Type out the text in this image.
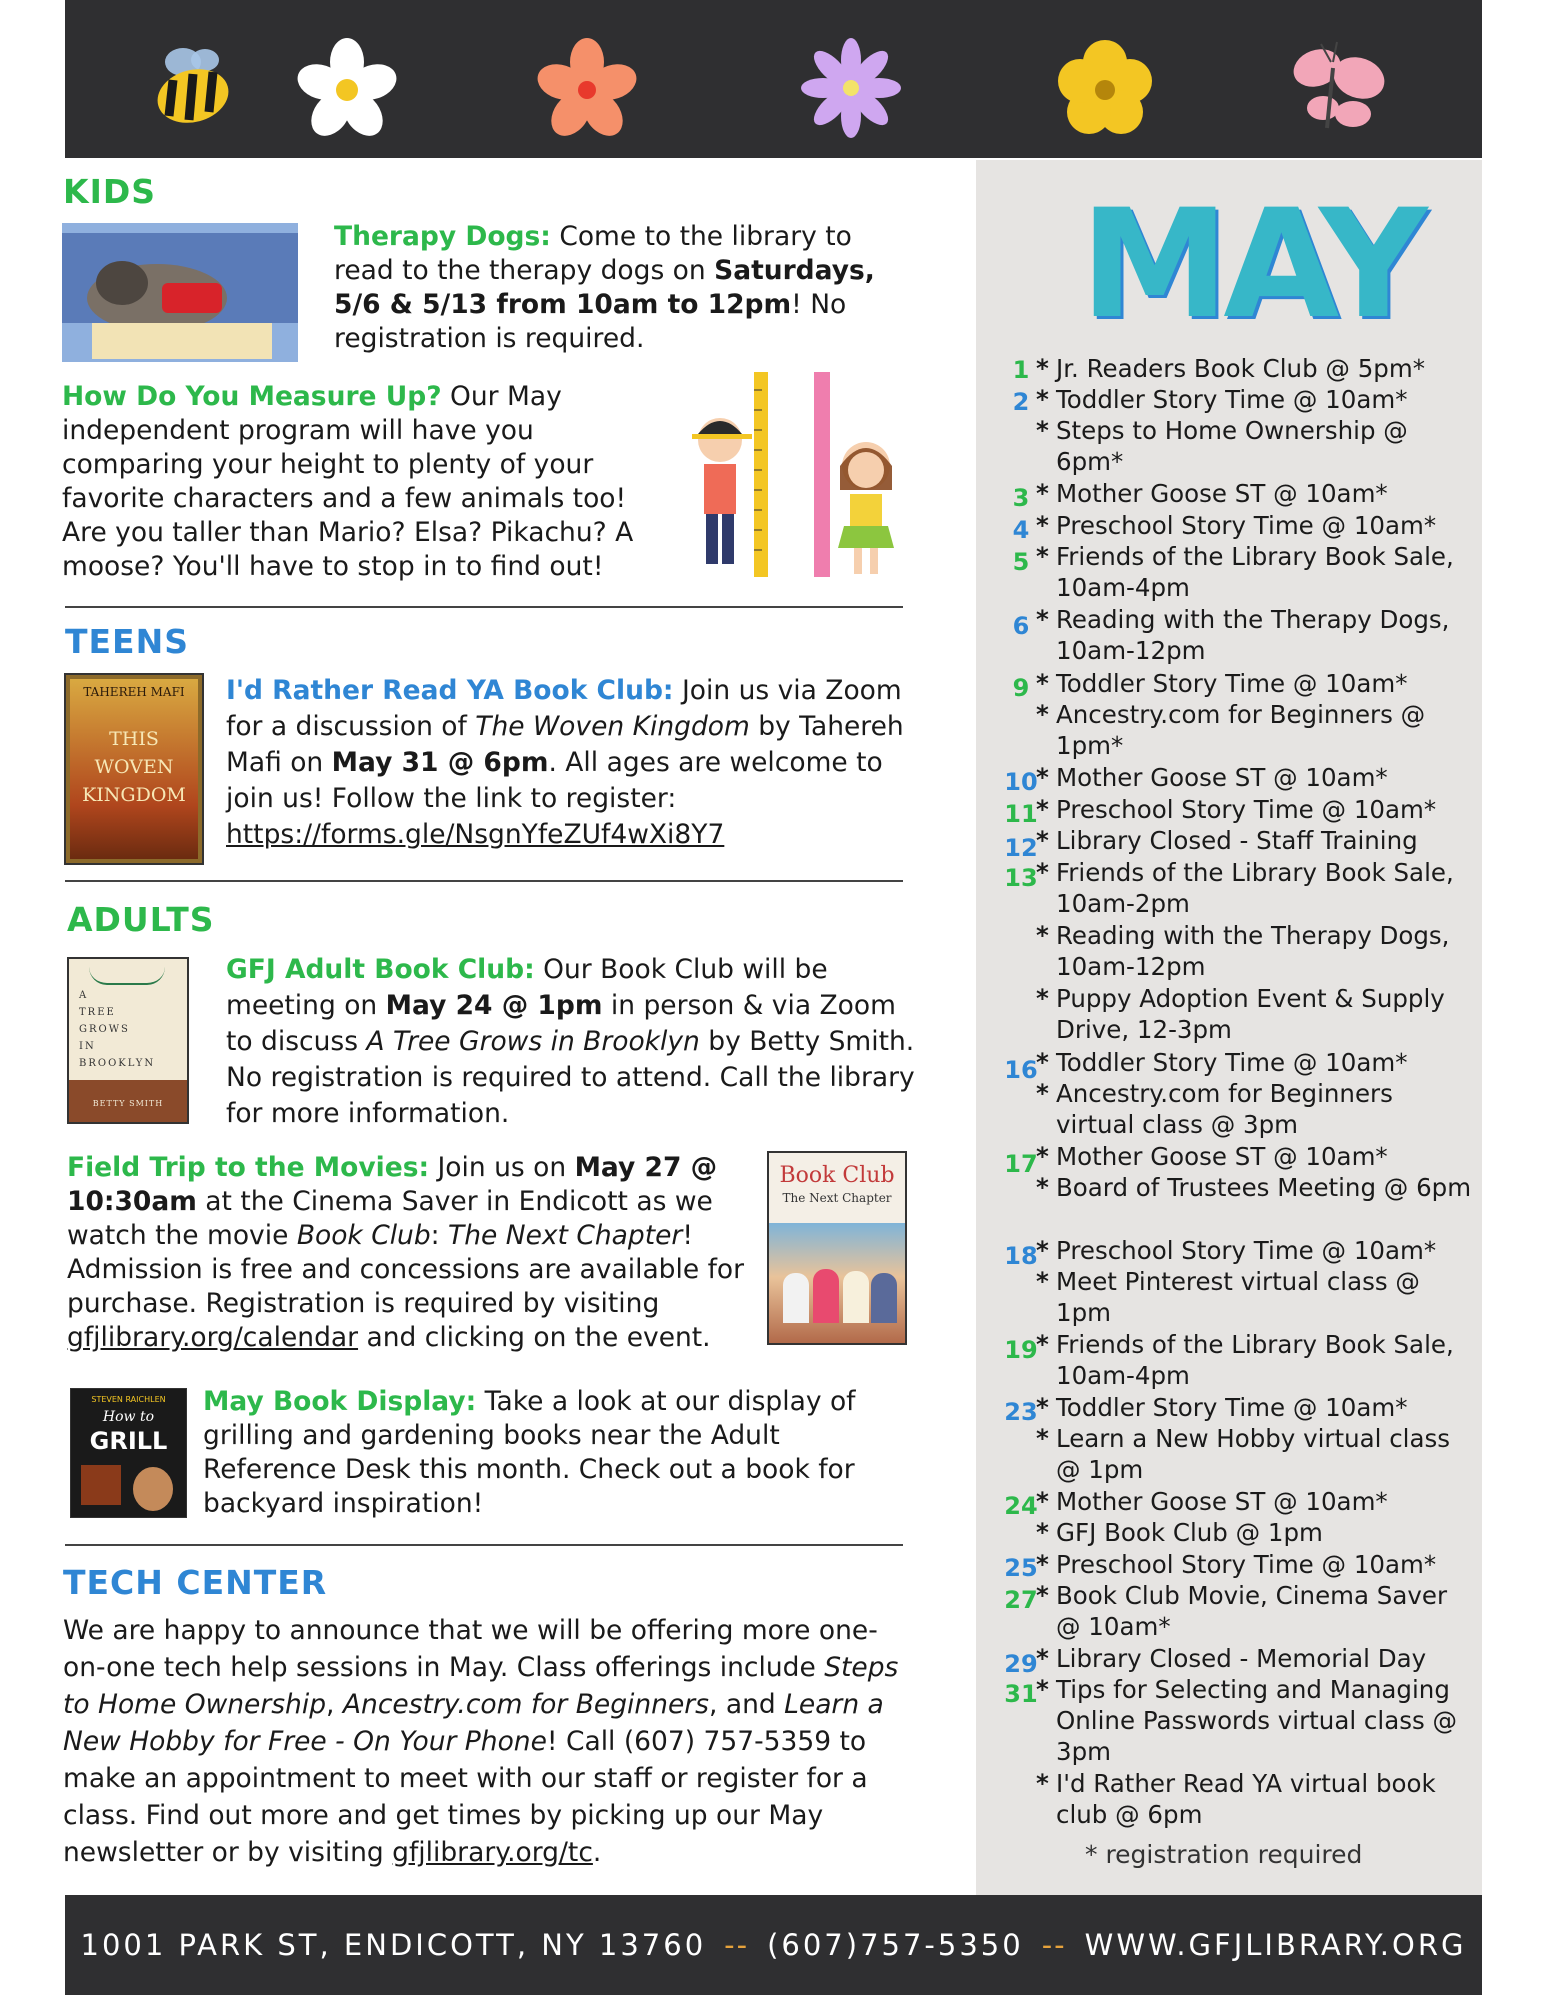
MAY
1 * Jr. Readers Book Club @ 5pm*
2 * Toddler Story Time @ 10am*
* Steps to Home Ownership @ 6pm*
3 * Mother Goose ST @ 10am*
4 * Preschool Story Time @ 10am*
5 * Friends of the Library Book Sale, 10am-4pm
6 * Reading with the Therapy Dogs, 10am-12pm
9 * Toddler Story Time @ 10am*
* Ancestry.com for Beginners @ 1pm*
10
* Mother Goose ST @ 10am*
11
* Preschool Story Time @ 10am*
12
* Library Closed - Staff Training
13
* Friends of the Library Book Sale, 10am-2pm
* Reading with the Therapy Dogs, 10am-12pm
* Puppy Adoption Event & Supply Drive, 12-3pm
16
* Toddler Story Time @ 10am*
* Ancestry.com for Beginners virtual class @ 3pm
17
* Mother Goose ST @ 10am*
* Board of Trustees Meeting @ 6pm
18
* Preschool Story Time @ 10am*
* Meet Pinterest virtual class @ 1pm
19
* Friends of the Library Book Sale, 10am-4pm
23
* Toddler Story Time @ 10am*
* Learn a New Hobby virtual class @ 1pm
24
* Mother Goose ST @ 10am*
* GFJ Book Club @ 1pm
25
* Preschool Story Time @ 10am*
27
* Book Club Movie, Cinema Saver @ 10am*
29
* Library Closed - Memorial Day
31
* Tips for Selecting and Managing Online Passwords virtual class @ 3pm
* I'd Rather Read YA virtual book club @ 6pm
* registration required
KIDS
Therapy Dogs: Come to the library to read to the therapy dogs on Saturdays, 5/6 & 5/13 from 10am to 12pm! No registration is required.
How Do You Measure Up? Our May independent program will have you comparing your height to plenty of your favorite characters and a few animals too! Are you taller than Mario? Elsa? Pikachu? A moose? You'll have to stop in to find out!
TEENS
TAHEREH MAFI
THIS
WOVEN
KINGDOM
I'd Rather Read YA Book Club: Join us via Zoom for a discussion of The Woven Kingdom by Tahereh Mafi on May 31 @ 6pm. All ages are welcome to join us! Follow the link to register: https://forms.gle/NsgnYfeZUf4wXi8Y7
ADULTS
A
TREE
GROWS
IN
BROOKLYN
BETTY SMITH
GFJ Adult Book Club: Our Book Club will be meeting on May 24 @ 1pm in person & via Zoom to discuss A Tree Grows in Brooklyn by Betty Smith. No registration is required to attend. Call the library for more information.
Field Trip to the Movies: Join us on May 27 @ 10:30am at the Cinema Saver in Endicott as we watch the movie Book Club: The Next Chapter! Admission is free and concessions are available for purchase. Registration is required by visiting gfjlibrary.org/calendar and clicking on the event.
Book Club
The Next Chapter
STEVEN RAICHLEN
How to
GRILL
May Book Display: Take a look at our display of grilling and gardening books near the Adult Reference Desk this month. Check out a book for backyard inspiration!
TECH CENTER
We are happy to announce that we will be offering more one-on-one tech help sessions in May. Class offerings include Steps to Home Ownership, Ancestry.com for Beginners, and Learn a New Hobby for Free - On Your Phone! Call (607) 757-5359 to make an appointment to meet with our staff or register for a class. Find out more and get times by picking up our May newsletter or by visiting gfjlibrary.org/tc.
1001 PARK ST, ENDICOTT, NY 13760 -- (607)757-5350 -- WWW.GFJLIBRARY.ORG
